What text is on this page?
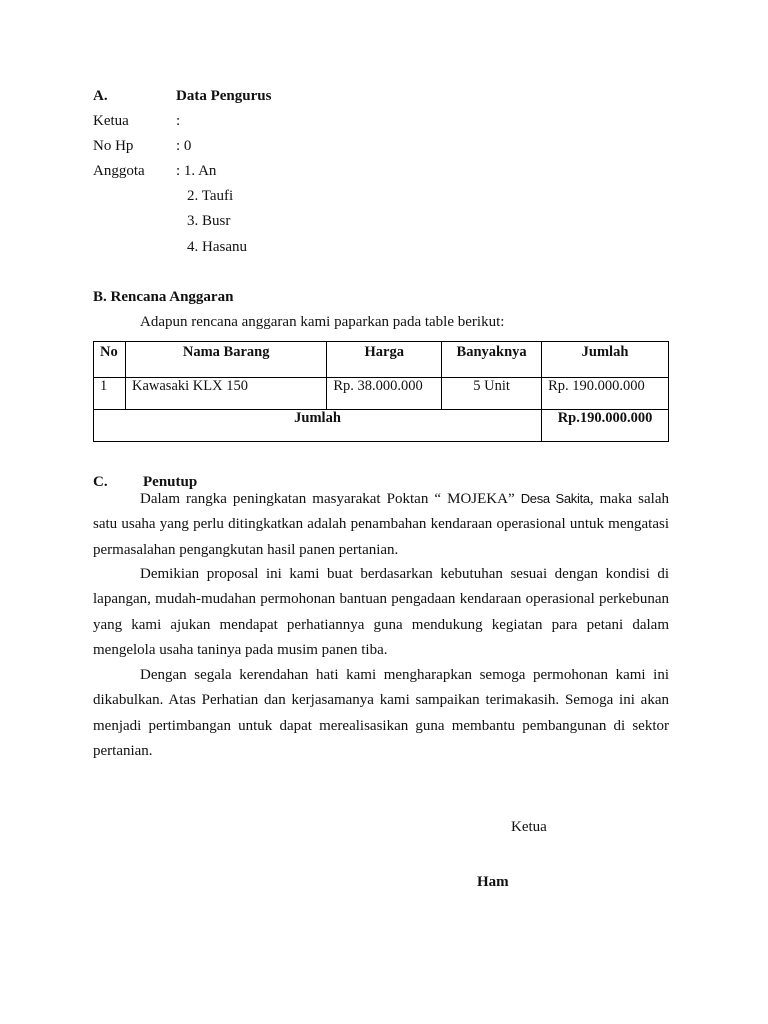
A.	Data Pengurus
Ketua	:
No Hp	: 0
Anggota : 1. An
2. Taufi
3. Busr
4. Hasanu
B. Rencana Anggaran
Adapun rencana anggaran kami paparkan pada table berikut:
No	Nama Barang	Harga	Banyaknya	Jumlah
1	Kawasaki KLX 150	Rp. 38.000.000	5 Unit	Rp. 190.000.000
Jumlah				Rp.190.000.000
C. Penutup

Dalam rangka peningkatan masyarakat Poktan “ MOJEKA” Desa Sakita, maka salah satu usaha yang perlu ditingkatkan adalah penambahan kendaraan operasional untuk mengatasi permasalahan pengangkutan hasil panen pertanian.

Demikian proposal ini kami buat berdasarkan kebutuhan sesuai dengan kondisi di lapangan, mudah-mudahan permohonan bantuan pengadaan kendaraan operasional perkebunan yang kami ajukan mendapat perhatiannya guna mendukung kegiatan para petani dalam mengelola usaha taninya pada musim panen tiba.

Dengan segala kerendahan hati kami mengharapkan semoga permohonan kami ini dikabulkan. Atas Perhatian dan kerjasamanya kami sampaikan terimakasih. Semoga ini akan menjadi pertimbangan untuk dapat merealisasikan guna membantu pembangunan di sektor pertanian.

Ketua
Ham
